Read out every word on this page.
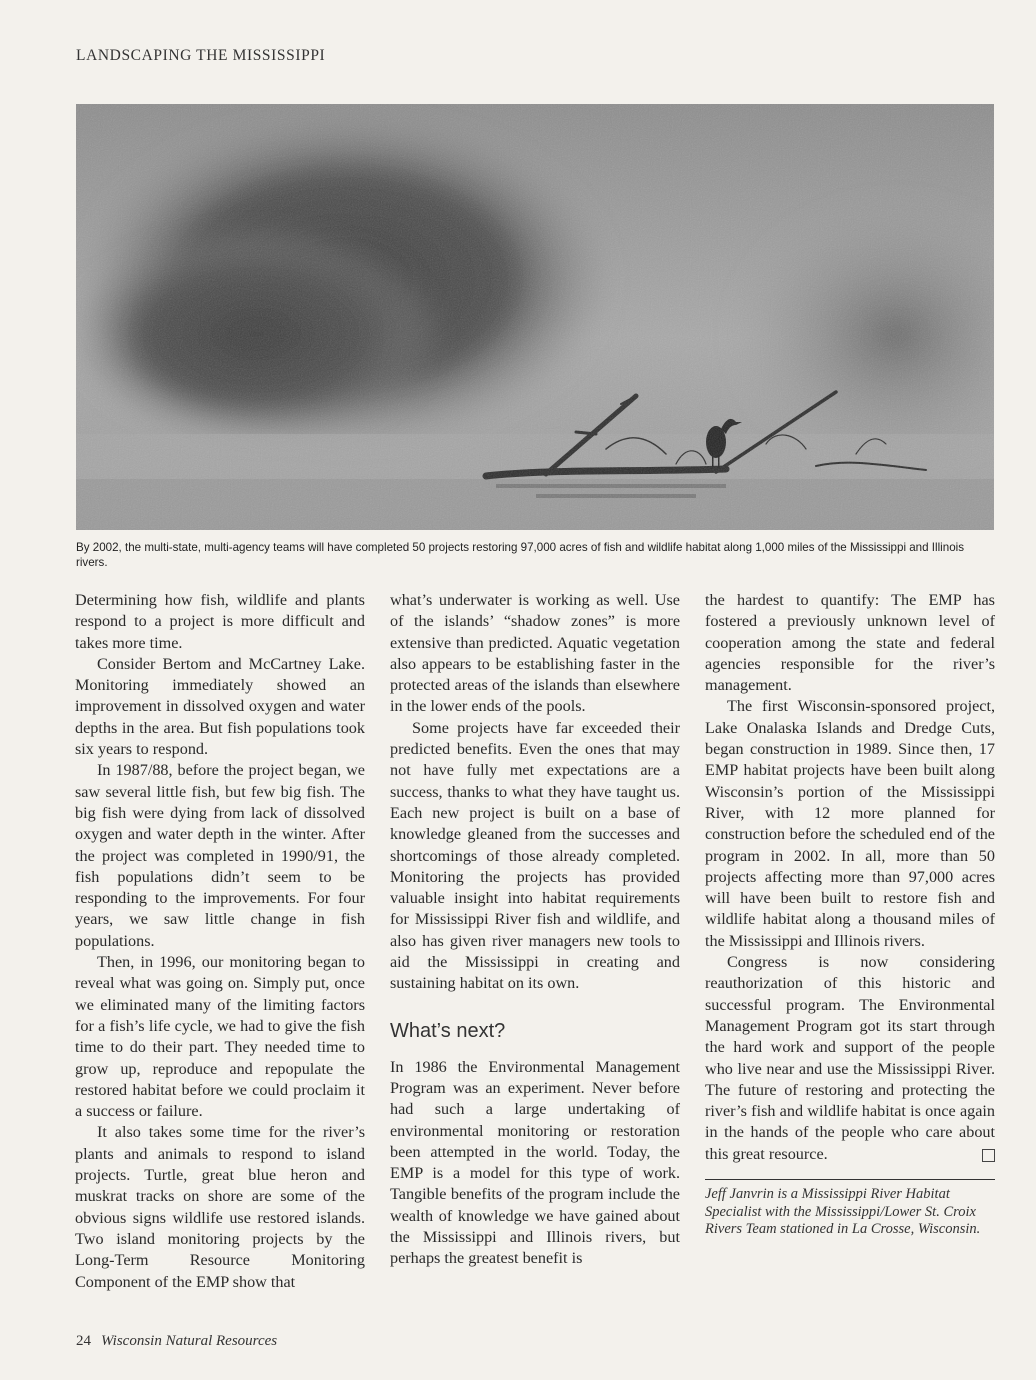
LANDSCAPING THE MISSISSIPPI
By 2002, the multi-state, multi-agency teams will have completed 50 projects restoring 97,000 acres of fish and wildlife habitat along 1,000 miles of the Mississippi and Illinois rivers.

Determining how fish, wildlife and plants respond to a project is more difficult and takes more time.

Consider Bertom and McCartney Lake. Monitoring immediately showed an improvement in dissolved oxygen and water depths in the area. But fish populations took six years to respond.

In 1987/88, before the project began, we saw several little fish, but few big fish. The big fish were dying from lack of dissolved oxygen and water depth in the winter. After the project was completed in 1990/91, the fish populations didn’t seem to be responding to the improvements. For four years, we saw little change in fish populations.

Then, in 1996, our monitoring began to reveal what was going on. Simply put, once we eliminated many of the limiting factors for a fish’s life cycle, we had to give the fish time to do their part. They needed time to grow up, reproduce and repopulate the restored habitat before we could proclaim it a success or failure.

It also takes some time for the river’s plants and animals to respond to island projects. Turtle, great blue heron and muskrat tracks on shore are some of the obvious signs wildlife use restored islands. Two island monitoring projects by the Long-Term Resource Monitoring Component of the EMP show that

what’s underwater is working as well. Use of the islands’ “shadow zones” is more extensive than predicted. Aquatic vegetation also appears to be establishing faster in the protected areas of the islands than elsewhere in the lower ends of the pools.

Some projects have far exceeded their predicted benefits. Even the ones that may not have fully met expectations are a success, thanks to what they have taught us. Each new project is built on a base of knowledge gleaned from the successes and shortcomings of those already completed. Monitoring the projects has provided valuable insight into habitat requirements for Mississippi River fish and wildlife, and also has given river managers new tools to aid the Mississippi in creating and sustaining habitat on its own.

What’s next?

In 1986 the Environmental Management Program was an experiment. Never before had such a large undertaking of environmental monitoring or restoration been attempted in the world. Today, the EMP is a model for this type of work. Tangible benefits of the program include the wealth of knowledge we have gained about the Mississippi and Illinois rivers, but perhaps the greatest benefit is

the hardest to quantify: The EMP has fostered a previously unknown level of cooperation among the state and federal agencies responsible for the river’s management.

The first Wisconsin-sponsored project, Lake Onalaska Islands and Dredge Cuts, began construction in 1989. Since then, 17 EMP habitat projects have been built along Wisconsin’s portion of the Mississippi River, with 12 more planned for construction before the scheduled end of the program in 2002. In all, more than 50 projects affecting more than 97,000 acres will have been built to restore fish and wildlife habitat along a thousand miles of the Mississippi and Illinois rivers.

Congress is now considering reauthorization of this historic and successful program. The Environmental Management Program got its start through the hard work and support of the people who live near and use the Mississippi River. The future of restoring and protecting the river’s fish and wildlife habitat is once again in the hands of the people who care about this great resource.

Jeff Janvrin is a Mississippi River Habitat Specialist with the Mississippi/Lower St. Croix Rivers Team stationed in La Crosse, Wisconsin.

24 Wisconsin Natural Resources
